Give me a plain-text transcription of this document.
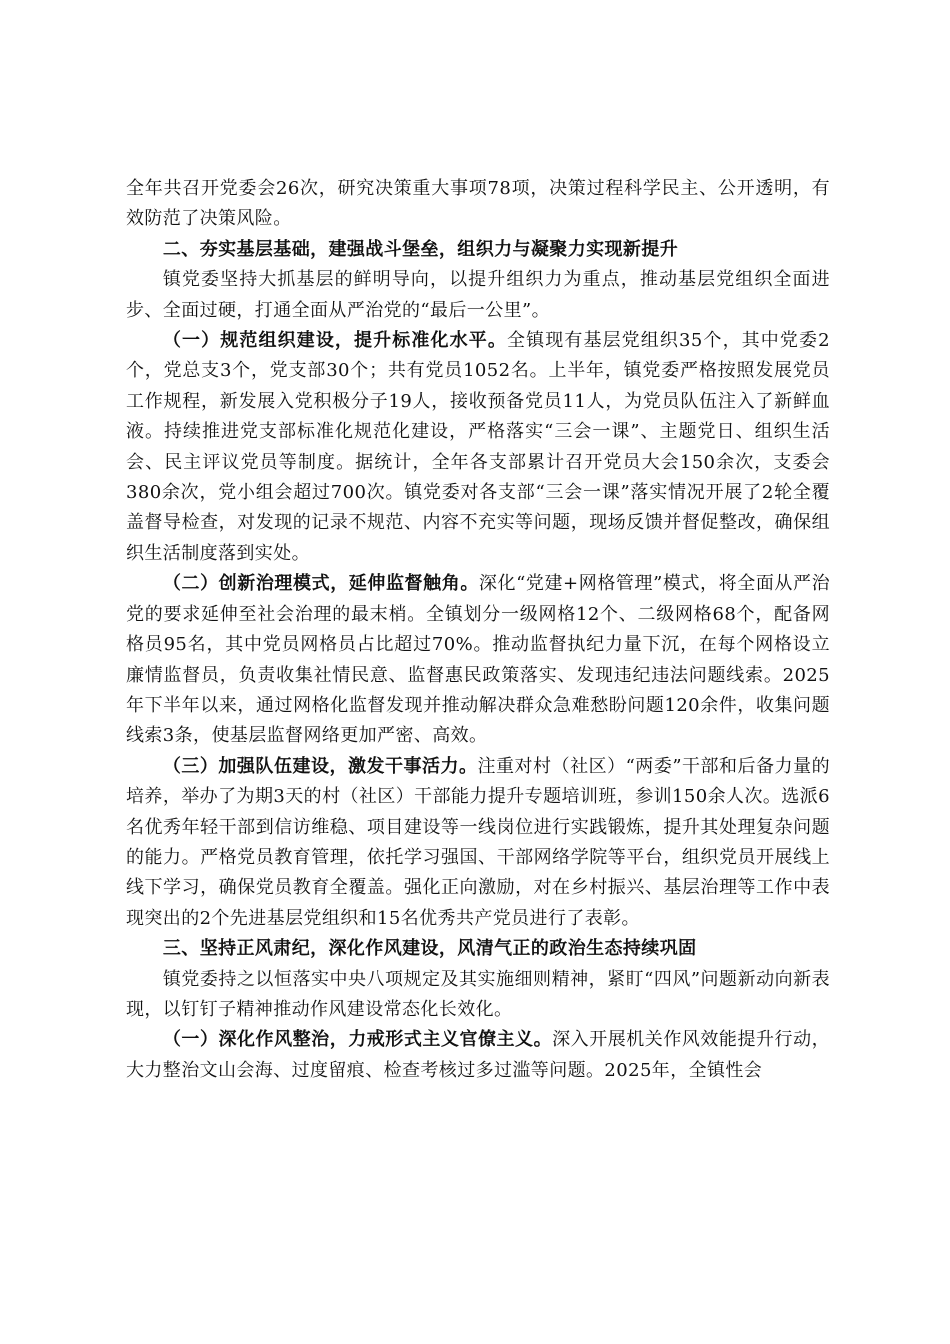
全年共召开党委会26次，研究决策重大事项78项，决策过程科学民主、公开透明，有效防范了决策风险。

二、夯实基层基础，建强战斗堡垒，组织力与凝聚力实现新提升

镇党委坚持大抓基层的鲜明导向，以提升组织力为重点，推动基层党组织全面进步、全面过硬，打通全面从严治党的“最后一公里”。

（一）规范组织建设，提升标准化水平。全镇现有基层党组织35个，其中党委2个，党总支3个，党支部30个；共有党员1052名。上半年，镇党委严格按照发展党员工作规程，新发展入党积极分子19人，接收预备党员11人，为党员队伍注入了新鲜血液。持续推进党支部标准化规范化建设，严格落实“三会一课”、主题党日、组织生活会、民主评议党员等制度。据统计，全年各支部累计召开党员大会150余次，支委会380余次，党小组会超过700次。镇党委对各支部“三会一课”落实情况开展了2轮全覆盖督导检查，对发现的记录不规范、内容不充实等问题，现场反馈并督促整改，确保组织生活制度落到实处。

（二）创新治理模式，延伸监督触角。深化“党建+网格管理”模式，将全面从严治党的要求延伸至社会治理的最末梢。全镇划分一级网格12个、二级网格68个，配备网格员95名，其中党员网格员占比超过70%。推动监督执纪力量下沉，在每个网格设立廉情监督员，负责收集社情民意、监督惠民政策落实、发现违纪违法问题线索。2025年下半年以来，通过网格化监督发现并推动解决群众急难愁盼问题120余件，收集问题线索3条，使基层监督网络更加严密、高效。

（三）加强队伍建设，激发干事活力。注重对村（社区）“两委”干部和后备力量的培养，举办了为期3天的村（社区）干部能力提升专题培训班，参训150余人次。选派6名优秀年轻干部到信访维稳、项目建设等一线岗位进行实践锻炼，提升其处理复杂问题的能力。严格党员教育管理，依托学习强国、干部网络学院等平台，组织党员开展线上线下学习，确保党员教育全覆盖。强化正向激励，对在乡村振兴、基层治理等工作中表现突出的2个先进基层党组织和15名优秀共产党员进行了表彰。

三、坚持正风肃纪，深化作风建设，风清气正的政治生态持续巩固

镇党委持之以恒落实中央八项规定及其实施细则精神，紧盯“四风”问题新动向新表现，以钉钉子精神推动作风建设常态化长效化。

（一）深化作风整治，力戒形式主义官僚主义。深入开展机关作风效能提升行动，大力整治文山会海、过度留痕、检查考核过多过滥等问题。2025年，全镇性会
